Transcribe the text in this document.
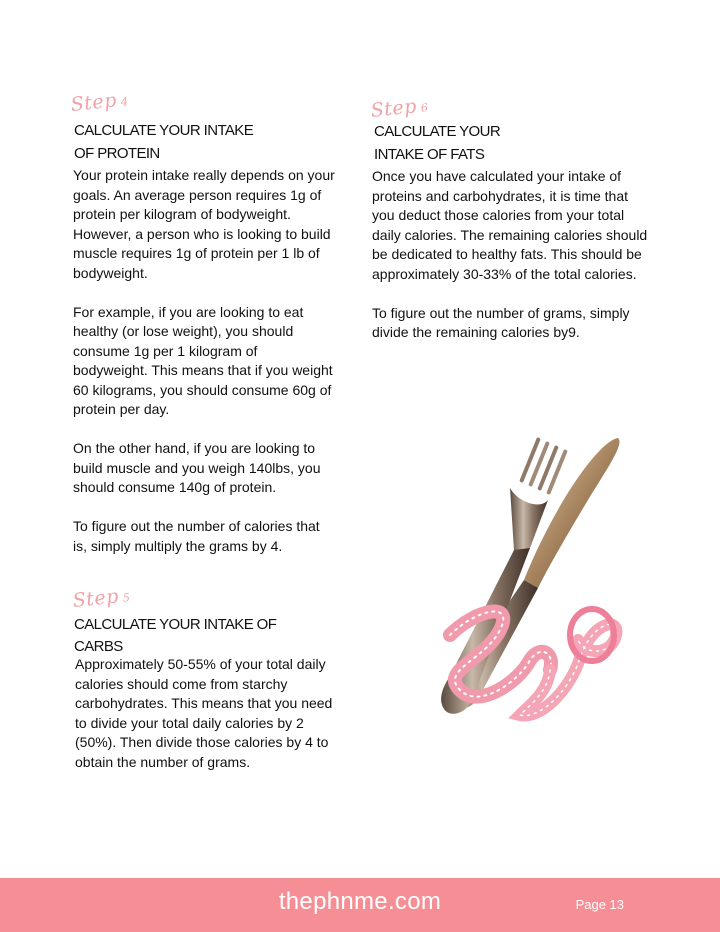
Step 4
CALCULATE YOUR INTAKE
OF PROTEIN

Your protein intake really depends on your goals. An average person requires 1g of protein per kilogram of bodyweight. However, a person who is looking to build muscle requires 1g of protein per 1 lb of bodyweight.

For example, if you are looking to eat healthy (or lose weight), you should consume 1g per 1 kilogram of bodyweight. This means that if you weight 60 kilograms, you should consume 60g of protein per day.

On the other hand, if you are looking to build muscle and you weigh 140lbs, you should consume 140g of protein.

To figure out the number of calories that is, simply multiply the grams by 4.

Step 5
CALCULATE YOUR INTAKE OF
CARBS

Approximately 50-55% of your total daily calories should come from starchy carbohydrates. This means that you need to divide your total daily calories by 2 (50%). Then divide those calories by 4 to obtain the number of grams.

Step 6
CALCULATE YOUR
INTAKE OF FATS

Once you have calculated your intake of proteins and carbohydrates, it is time that you deduct those calories from your total daily calories. The remaining calories should be dedicated to healthy fats. This should be approximately 30-33% of the total calories.

To figure out the number of grams, simply divide the remaining calories by9.

thephnme.com	Page 13
